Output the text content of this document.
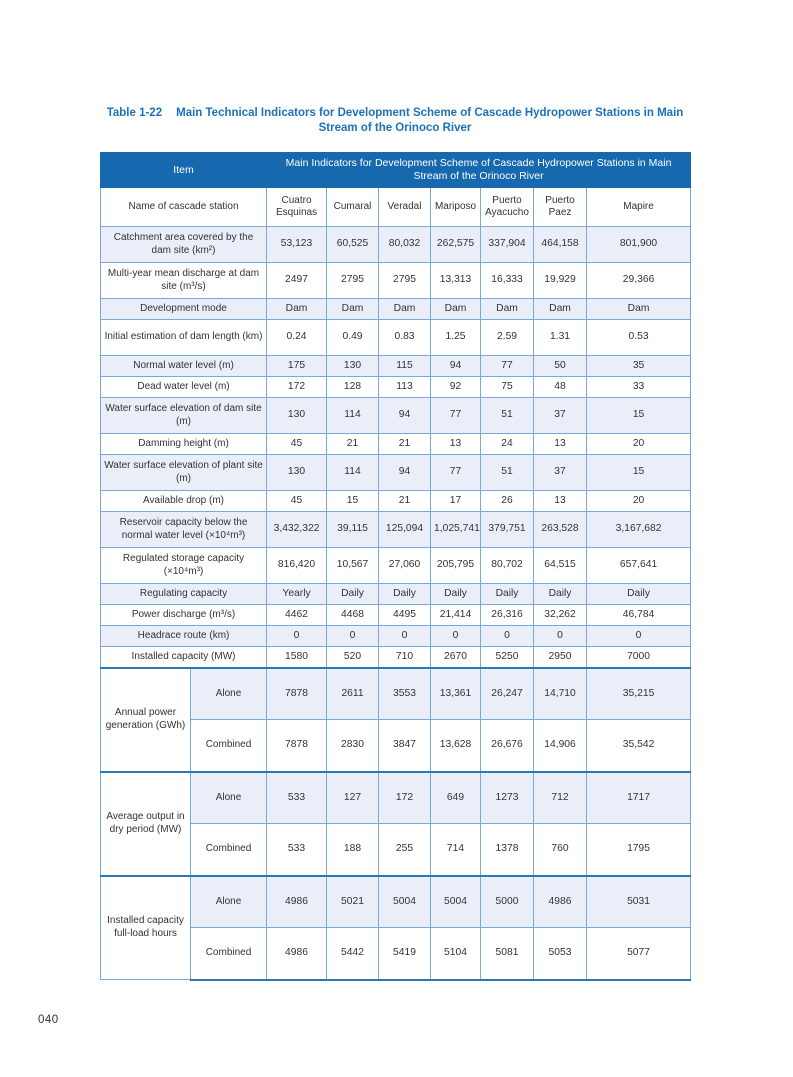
Table 1-22 Main Technical Indicators for Development Scheme of Cascade Hydropower Stations in Main Stream of the Orinoco River
Item		Main Indicators for Development Scheme of Cascade Hydropower Stations in Main Stream of the Orinoco River						
Name of cascade station		Cuatro Esquinas	Cumaral	Veradal	Mariposo	Puerto Ayacucho	Puerto Paez	Mapire
Catchment area covered by the dam site (km²)		53,123	60,525	80,032	262,575	337,904	464,158	801,900
Multi-year mean discharge at dam site (m³/s)		2497	2795	2795	13,313	16,333	19,929	29,366
Development mode		Dam	Dam	Dam	Dam	Dam	Dam	Dam
Initial estimation of dam length (km)		0.24	0.49	0.83	1.25	2.59	1.31	0.53
Normal water level (m)		175	130	115	94	77	50	35
Dead water level (m)		172	128	113	92	75	48	33
Water surface elevation of dam site (m)		130	114	94	77	51	37	15
Damming height (m)		45	21	21	13	24	13	20
Water surface elevation of plant site (m)		130	114	94	77	51	37	15
Available drop (m)		45	15	21	17	26	13	20
Reservoir capacity below the normal water level (×10⁴m³)		3,432,322	39,115	125,094	1,025,741	379,751	263,528	3,167,682
Regulated storage capacity (×10⁴m³)		816,420	10,567	27,060	205,795	80,702	64,515	657,641
Regulating capacity		Yearly	Daily	Daily	Daily	Daily	Daily	Daily
Power discharge (m³/s)		4462	4468	4495	21,414	26,316	32,262	46,784
Headrace route (km)		0	0	0	0	0	0	0
Installed capacity (MW)		1580	520	710	2670	5250	2950	7000
Annual power generation (GWh)	Alone	7878	2611	3553	13,361	26,247	14,710	35,215
	Combined	7878	2830	3847	13,628	26,676	14,906	35,542
Average output in dry period (MW)	Alone	533	127	172	649	1273	712	1717
	Combined	533	188	255	714	1378	760	1795
Installed capacity full-load hours	Alone	4986	5021	5004	5004	5000	4986	5031
	Combined	4986	5442	5419	5104	5081	5053	5077
040
